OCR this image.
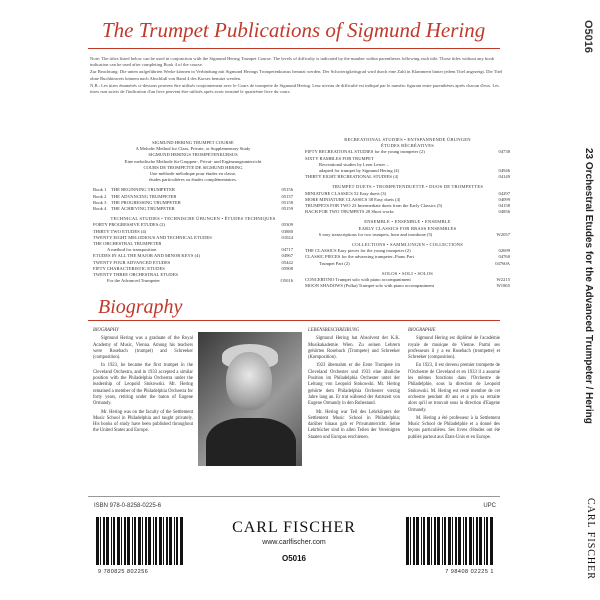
The Trumpet Publications of Sigmund Hering	O5016

Note: The titles listed below can be used in conjunction with the Sigmund Hering Trumpet Course. The levels of difficulty is indicated by the number within parentheses following each title. Those titles without any book indication can be used after completing Book 4 of the course.

Zur Beachtung: Die unten aufgeführten Werke können in Verbindung mit Sigmund Herings Trompetenkursus benutzt werden. Der Schwierigkeitsgrad wird durch eine Zahl in Klammern hinter jedem Titel angezeigt. Die Titel ohne Buchhinweis können nach Abschluß von Band 4 des Kurses benutzt werden.

N.B.: Les titres énumérés ci-dessous peuvent être utilisés conjointement avec le Cours de trompette de Sigmund Hering. Leur niveau de difficulté est indiqué par le numéro figurant entre parenthèses après chacun d'eux. Les titres non suivis de l'indication d'un livre peuvent être utilisés après avoir terminé le quatrième livre du cours.

SIGMUND HERING TRUMPET COURSE
A Melodic Method for Class, Private, or Supplementary Study
SIGMUND HERINGS TROMPETENKURSUS
Eine melodische Methode für Gruppen-, Privat- und Ergänzungsunterricht
COURS DE TROMPETTE DE SIGMUND HERING
Une méthode mélodique pour études en classe,
études particulières ou études complémentaires.
Book 1 THE BEGINNING TRUMPETER	05156
Book 2 THE ADVANCING TRUMPETER	05157
Book 3 THE PROGRESSING TRUMPETER	05158
Book 4 THE ACHIEVING TRUMPETER	05159
TECHNICAL STUDIES • TECHNISCHE ÜBUNGEN • ÉTUDES TECHNIQUES
FORTY PROGRESSIVE ETUDES (2)	05309
THIRTY TWO ETUDES (4)	03880
TWENTY EIGHT MELODIOUS AND TECHNICAL ETUDES	01024
THE ORCHESTRAL TRUMPETER
A method for transposition	04717
ETUDES IN ALL THE MAJOR AND MINOR KEYS (4)	04967
TWENTY FOUR ADVANCED ETUDES	05442
FIFTY CHARACTERISTIC ETUDES	05908
TWENTY THREE ORCHESTRAL ETUDES
For the Advanced Trumpeter	O5016
RECREATIONAL STUDIES • ENTSPANNENDE ÜBUNGEN
ÉTUDES RÉCRÉATIVES
FIFTY RECREATIONAL STUDIES for the young trumpeter (2)	04738
SIXTY RAMBLES FOR TRUMPET
Recreational studies by Leon Lester –
adapted for trumpet by Sigmund Hering (4)	04946
THIRTY EIGHT RECREATIONAL STUDIES (4)	04149
TRUMPET DUETS • TROMPETENDUETTE • DUOS DE TROMPETTES
MINIATURE CLASSICS 52 Easy duets (3)	04297
MORE MINIATURE CLASSICS 38 Easy duets (4)	04099
TRUMPETS FOR TWO 23 Intermediate duets from the Early Classics (5)	04158
BACH FOR TWO TRUMPETS 28 Short works	04856
ENSEMBLE • ENSEMBLE • ENSEMBLE
EARLY CLASSICS FOR BRASS ENSEMBLES
6 easy transcriptions for two trumpets, horn and trombone (5)	W2057
COLLECTIONS • SAMMLUNGEN • COLLECTIONS
THE CLASSICS Easy pieces for the young trumpeter (2)	02699
CLASSIC PIECES for the advancing trumpeter–Piano Part	04760
Trumpet Part (2)	04760A
SOLOS • SOLI • SOLOS
CONCERTINO Trumpet solo with piano accompaniment	W2215
MOON SHADOWS (Polka) Trumpet solo with piano accompaniment	W1865	23 Orchestral Etudes for the Advanced Trumpeter / Hering
Biography
BIOGRAPHY

Sigmund Hering was a graduate of the Royal Academy of Music, Vienna. Among his teachers were Rosebach (trumpet) and Schreeker (composition).

In 1923, he became the first trumpet in the Cleveland Orchestra, and in 1933 accepted a similar position with the Philadelphia Orchestra under the leadership of Leopold Stokowski. Mr. Hering remained a member of the Philadelphia Orchestra for forty years, retiring under the baton of Eugene Ormandy.

Mr. Hering was on the faculty of the Settlement Music School in Philadelphia and taught privately. His books of study have been published throughout the United States and Europe.

LEBENSBESCHREIBUNG

Sigmund Hering hat Absolvent der K.K. Musikakademie Wien. Zu seinen Lehrern gehörten Rosebach (Trompete) und Schreeker (Komposition).

1923 übernahm er die Erste Trompete im Cleveland Orchester und 1933 eine ähnliche Position im Philadelphia Orchester unter der Leitung von Leopold Stokowski. Mr. Hering gehörte dem Philadelphia Orchester vierzig Jahre lang an. Er trat während der Amtszeit von Eugene Ormandy in den Ruhestand.

Mr. Hering war Teil des Lehrkörpers der Settlement Music School in Philadelphia; darüber hinaus gab er Privatunterricht. Seine Lehrbücher sind in allen Teilen der Vereinigten Staaten und Europas erschienen.

BIOGRAPHIE

Sigmund Hering est diplômé de l'académie royale de musique de Vienne. Parmi ses professeurs il y a eu Rosebach (trompette) et Schreeker (composition).

En 1923, il est devenu premier trompette de l'Orchestre de Cleveland et en 1933 il a assumé les mêmes fonctions dans l'Orchestre de Philadelphie, sous la direction de Leopold Stokowski. M. Hering est resté membre de cet orchestre pendant 40 ans et a pris sa retraite alors qu'il se trouvait sous la direction d'Eugene Ormandy.

M. Hering a été professeur à la Settlement Music School de Philadelphie et a donné des leçons particulières. Ses livres d'études ont été publiés partout aux États-Unis et en Europe.

ISBN 978-0-8258-0225-6	UPC
9 780825 802256
CARL FISCHER
www.carlfischer.com
O5016
7 98408 02225 1	CARL FISCHER
